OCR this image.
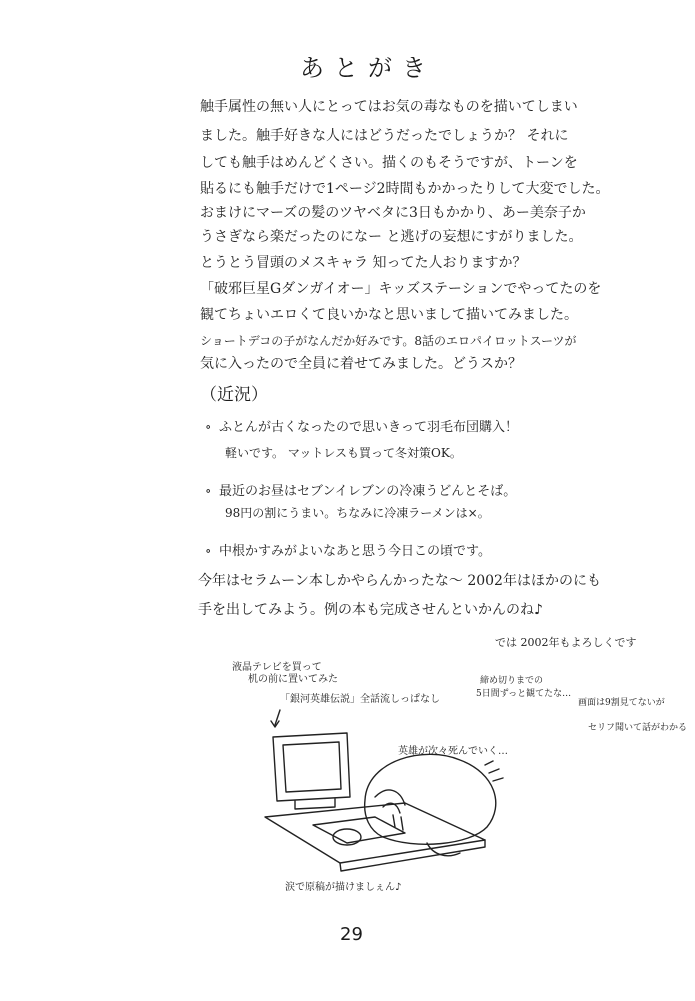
あとがき
触手属性の無い人にとってはお気の毒なものを描いてしまい
ました。触手好きな人にはどうだったでしょうか？ それに
しても触手はめんどくさい。描くのもそうですが、トーンを
貼るにも触手だけで1ページ2時間もかかったりして大変でした。
おまけにマーズの髪のツヤベタに3日もかかり、あー美奈子か
うさぎなら楽だったのになー と逃げの妄想にすがりました。
とうとう冒頭のメスキャラ 知ってた人おりますか？
「破邪巨星Gダンガイオー」キッズステーションでやってたのを
観てちょいエロくて良いかなと思いまして描いてみました。
ショートデコの子がなんだか好みです。8話のエロパイロットスーツが
気に入ったので全員に着せてみました。どうスか？
（近況）
∘ ふとんが古くなったので思いきって羽毛布団購入！
軽いです。 マットレスも買って冬対策OK。
∘ 最近のお昼はセブンイレブンの冷凍うどんとそば。
98円の割にうまい。ちなみに冷凍ラーメンは×。
∘ 中根かすみがよいなあと思う今日この頃です。
今年はセラムーン本しかやらんかったな～ 2002年はほかのにも
手を出してみよう。例の本も完成させんといかんのね♪
では 2002年もよろしくです
液晶テレビを買って
机の前に置いてみた
「銀河英雄伝説」全話流しっぱなし
締め切りまでの
5日間ずっと観てたな…
画面は9割見てないが
セリフ聞いて話がわかる
英雄が次々死んでいく…
涙で原稿が描けましぇん♪
29
